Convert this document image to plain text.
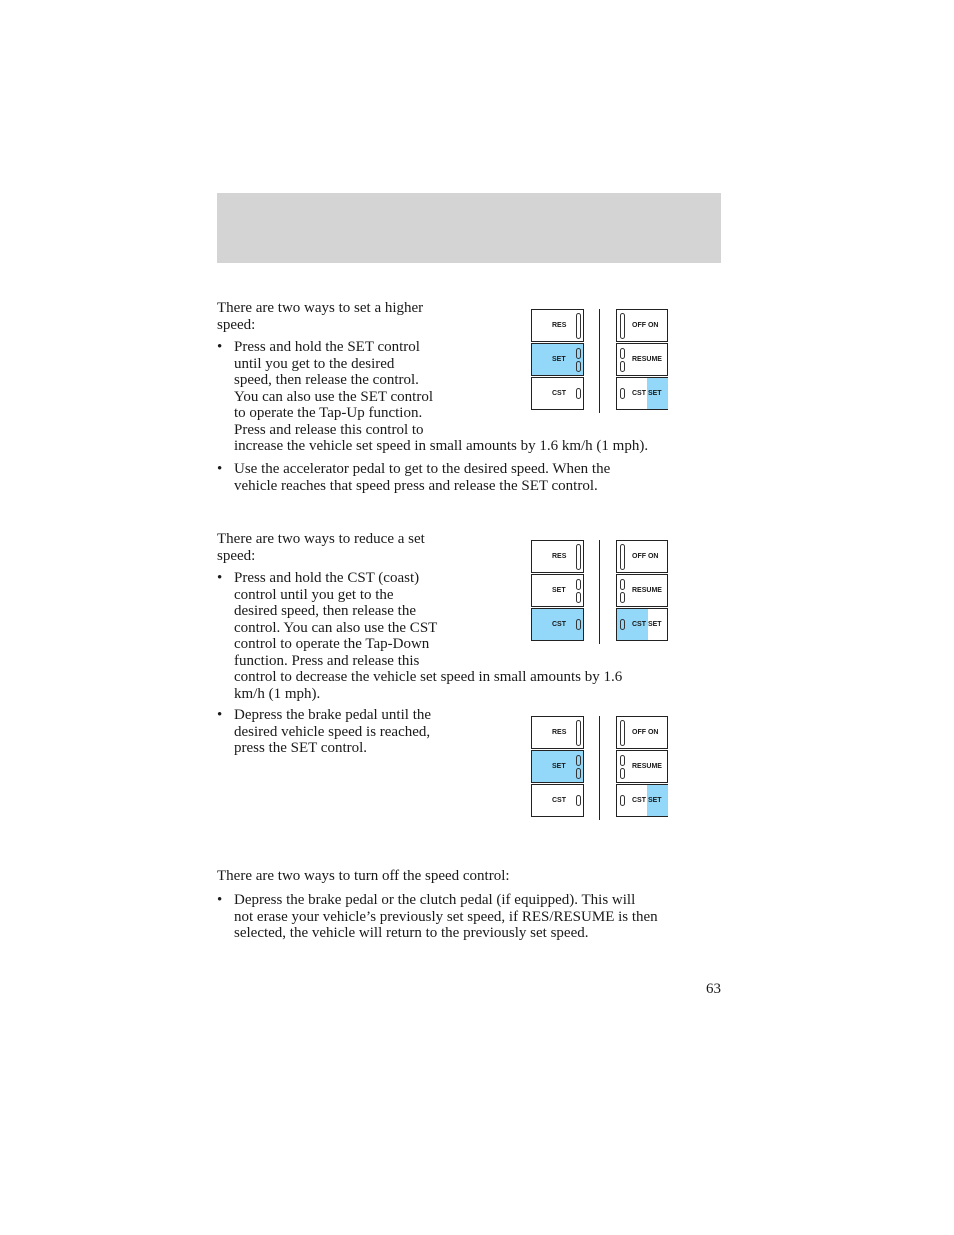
There are two ways to set a higher
speed:

• Press and hold the SET control
until you get to the desired
speed, then release the control.
You can also use the SET control
to operate the Tap-Up function.
Press and release this control to
increase the vehicle set speed in small amounts by 1.6 km/h (1 mph).
• Use the accelerator pedal to get to the desired speed. When the
vehicle reaches that speed press and release the SET control.
RES
SET
CST
OFF ON
RESUME
CST SET

There are two ways to reduce a set
speed:

• Press and hold the CST (coast)
control until you get to the
desired speed, then release the
control. You can also use the CST
control to operate the Tap-Down
function. Press and release this
control to decrease the vehicle set speed in small amounts by 1.6
km/h (1 mph).
• Depress the brake pedal until the
desired vehicle speed is reached,
press the SET control.
RES
SET
CST
OFF ON
RESUME
CST SET
RES
SET
CST
OFF ON
RESUME
CST SET

There are two ways to turn off the speed control:

• Depress the brake pedal or the clutch pedal (if equipped). This will
not erase your vehicle’s previously set speed, if RES/RESUME is then
selected, the vehicle will return to the previously set speed.
63
